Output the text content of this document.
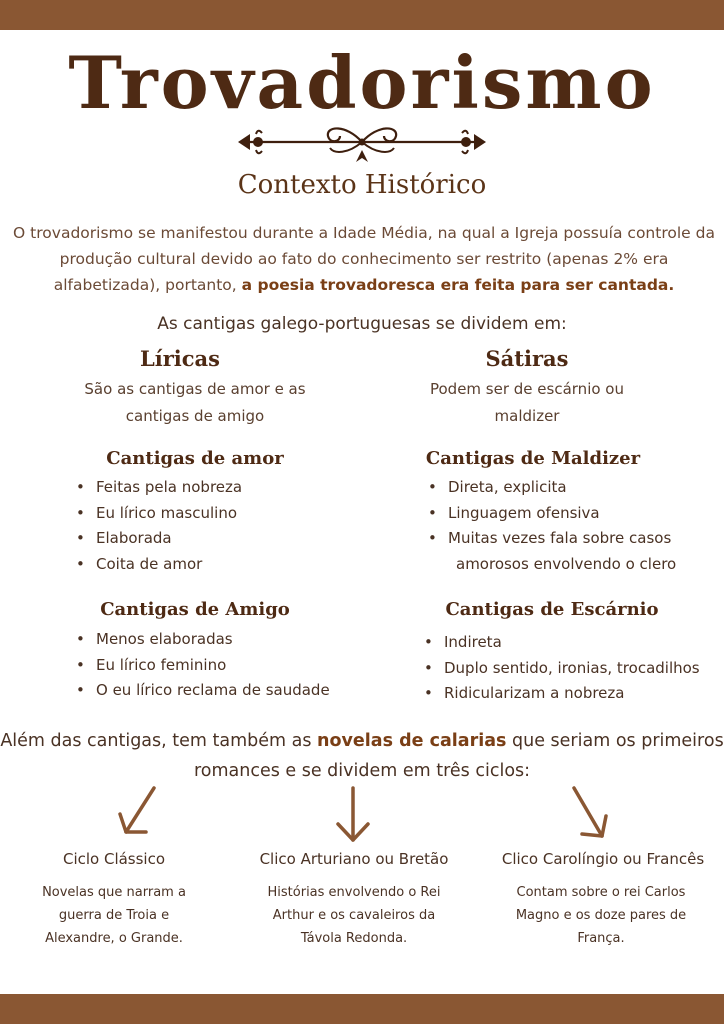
Trovadorismo
Contexto Histórico
O trovadorismo se manifestou durante a Idade Média, na qual a Igreja possuía controle da produção cultural devido ao fato do conhecimento ser restrito (apenas 2% era alfabetizada), portanto, a poesia trovadoresca era feita para ser cantada.
As cantigas galego-portuguesas se dividem em:
Líricas
São as cantigas de amor e as cantigas de amigo
Sátiras
Podem ser de escárnio ou maldizer
Cantigas de amor
• Feitas pela nobreza
• Eu lírico masculino
• Elaborada
• Coita de amor
Cantigas de Maldizer
• Direta, explicita
• Linguagem ofensiva
• Muitas vezes fala sobre casos
amorosos envolvendo o clero
Cantigas de Amigo
• Menos elaboradas
• Eu lírico feminino
• O eu lírico reclama de saudade
Cantigas de Escárnio
• Indireta
• Duplo sentido, ironias, trocadilhos
• Ridicularizam a nobreza
Além das cantigas, tem também as novelas de calarias que seriam os primeiros romances e se dividem em três ciclos:
Ciclo Clássico
Novelas que narram a guerra de Troia e Alexandre, o Grande.
Clico Arturiano ou Bretão
Histórias envolvendo o Rei Arthur e os cavaleiros da Távola Redonda.
Clico Carolíngio ou Francês
Contam sobre o rei Carlos Magno e os doze pares de França.
